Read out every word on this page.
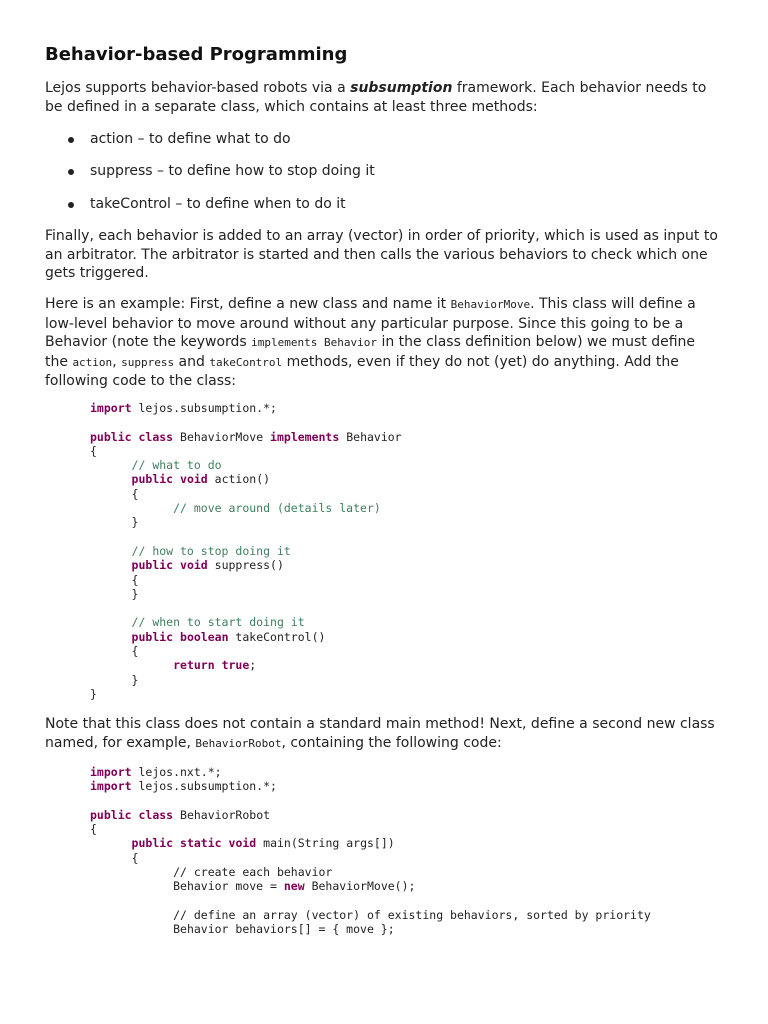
Behavior-based Programming

Lejos supports behavior-based robots via a subsumption framework. Each behavior needs to
be defined in a separate class, which contains at least three methods:

action – to define what to do
suppress – to define how to stop doing it
takeControl – to define when to do it

Finally, each behavior is added to an array (vector) in order of priority, which is used as input to
an arbitrator. The arbitrator is started and then calls the various behaviors to check which one
gets triggered.

Here is an example: First, define a new class and name it BehaviorMove. This class will define a
low-level behavior to move around without any particular purpose. Since this going to be a
Behavior (note the keywords implements Behavior in the class definition below) we must define
the action, suppress and takeControl methods, even if they do not (yet) do anything. Add the
following code to the class:

import lejos.subsumption.*;

public class BehaviorMove implements Behavior
{
// what to do
public void action()
{
// move around (details later)
}

// how to stop doing it
public void suppress()
{
}

// when to start doing it
public boolean takeControl()
{
return true;
}
}

Note that this class does not contain a standard main method! Next, define a second new class
named, for example, BehaviorRobot, containing the following code:

import lejos.nxt.*;
import lejos.subsumption.*;

public class BehaviorRobot
{
public static void main(String args[])
{
// create each behavior
Behavior move = new BehaviorMove();

// define an array (vector) of existing behaviors, sorted by priority
Behavior behaviors[] = { move };
